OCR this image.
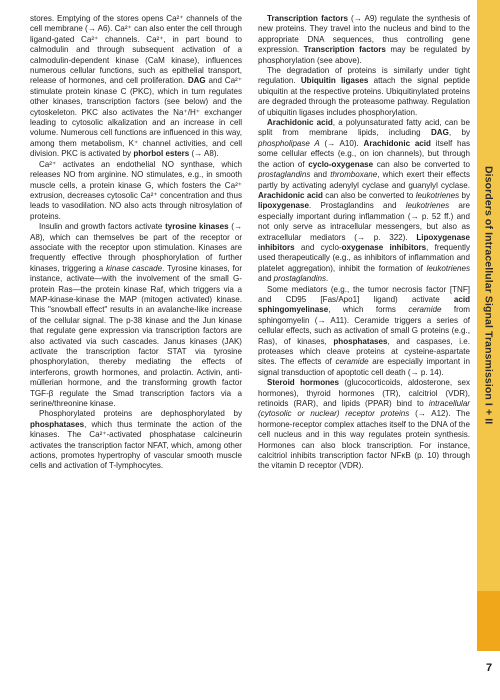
Disorders of Intracellular Signal Transmission I + II
7

stores. Emptying of the stores opens Ca²⁺ channels of the cell membrane (→ A6). Ca²⁺ can also enter the cell through ligand-gated Ca²⁺ channels. Ca²⁺, in part bound to calmodulin and through subsequent activation of a calmodulin-dependent kinase (CaM kinase), influences numerous cellular functions, such as epithelial transport, release of hormones, and cell proliferation. DAG and Ca²⁺ stimulate protein kinase C (PKC), which in turn regulates other kinases, transcription factors (see below) and the cytoskeleton. PKC also activates the Na⁺/H⁺ exchanger leading to cytosolic alkalization and an increase in cell volume. Numerous cell functions are influenced in this way, among them metabolism, K⁺ channel activities, and cell division. PKC is activated by phorbol esters (→ A8).

Ca²⁺ activates an endothelial NO synthase, which releases NO from arginine. NO stimulates, e.g., in smooth muscle cells, a protein kinase G, which fosters the Ca²⁺ extrusion, decreases cytosolic Ca²⁺ concentration and thus leads to vasodilation. NO also acts through nitrosylation of proteins.

Insulin and growth factors activate tyrosine kinases (→ A8), which can themselves be part of the receptor or associate with the receptor upon stimulation. Kinases are frequently effective through phosphorylation of further kinases, triggering a kinase cascade. Tyrosine kinases, for instance, activate—with the involvement of the small G-protein Ras—the protein kinase Raf, which triggers via a MAP-kinase-kinase the MAP (mitogen activated) kinase. This "snowball effect" results in an avalanche-like increase of the cellular signal. The p-38 kinase and the Jun kinase that regulate gene expression via transcription factors are also activated via such cascades. Janus kinases (JAK) activate the transcription factor STAT via tyrosine phosphorylation, thereby mediating the effects of interferons, growth hormones, and prolactin. Activin, anti-müllerian hormone, and the transforming growth factor TGF-β regulate the Smad transcription factors via a serine/threonine kinase.

Phosphorylated proteins are dephosphorylated by phosphatases, which thus terminate the action of the kinases. The Ca²⁺-activated phosphatase calcineurin activates the transcription factor NFAT, which, among other actions, promotes hypertrophy of vascular smooth muscle cells and activation of T-lymphocytes.

Transcription factors (→ A9) regulate the synthesis of new proteins. They travel into the nucleus and bind to the appropriate DNA sequences, thus controlling gene expression. Transcription factors may be regulated by phosphorylation (see above).

The degradation of proteins is similarly under tight regulation. Ubiquitin ligases attach the signal peptide ubiquitin at the respective proteins. Ubiquitinylated proteins are degraded through the proteasome pathway. Regulation of ubiquitin ligases includes phosphorylation.

Arachidonic acid, a polyunsaturated fatty acid, can be split from membrane lipids, including DAG, by phospholipase A (→ A10). Arachidonic acid itself has some cellular effects (e.g., on ion channels), but through the action of cyclo-oxygenase can also be converted to prostaglandins and thromboxane, which exert their effects partly by activating adenylyl cyclase and guanylyl cyclase. Arachidonic acid can also be converted to leukotrienes by lipoxygenase. Prostaglandins and leukotrienes are especially important during inflammation (→ p. 52 ff.) and not only serve as intracellular messengers, but also as extracellular mediators (→ p. 322). Lipoxygenase inhibitors and cyclo-oxygenase inhibitors, frequently used therapeutically (e.g., as inhibitors of inflammation and platelet aggregation), inhibit the formation of leukotrienes and prostaglandins.

Some mediators (e.g., the tumor necrosis factor [TNF] and CD95 [Fas/Apo1] ligand) activate acid sphingomyelinase, which forms ceramide from sphingomyelin (→ A11). Ceramide triggers a series of cellular effects, such as activation of small G proteins (e.g., Ras), of kinases, phosphatases, and caspases, i.e. proteases which cleave proteins at cysteine-aspartate sites. The effects of ceramide are especially important in signal transduction of apoptotic cell death (→ p. 14).

Steroid hormones (glucocorticoids, aldosterone, sex hormones), thyroid hormones (TR), calcitriol (VDR), retinoids (RAR), and lipids (PPAR) bind to intracellular (cytosolic or nuclear) receptor proteins (→ A12). The hormone-receptor complex attaches itself to the DNA of the cell nucleus and in this way regulates protein synthesis. Hormones can also block transcription. For instance, calcitriol inhibits transcription factor NFκB (p. 10) through the vitamin D receptor (VDR).
